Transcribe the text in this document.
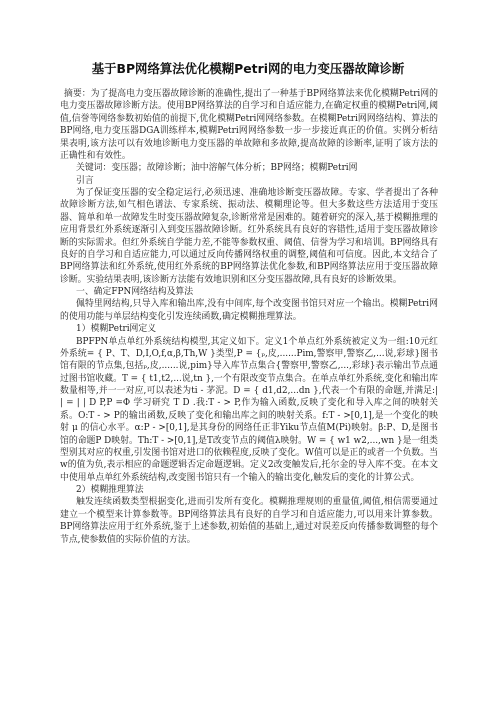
基于BP网络算法优化模糊Petri网的电力变压器故障诊断

摘要：为了提高电力变压器故障诊断的准确性,提出了一种基于BP网络算法来优化模糊Petri网的电力变压器故障诊断方法。使用BP网络算法的自学习和自适应能力,在确定权重的模糊Petri网,阈值,信誉等网络参数初始值的前提下,优化模糊Petri网网络参数。在模糊Petri网网络结构、算法的BP网络,电力变压器DGA训练样本,模糊Petri网网络参数一步一步接近真正的价值。实例分析结果表明,该方法可以有效地诊断电力变压器的单故障和多故障,提高故障的诊断率,证明了该方法的正确性和有效性。

关键词：变压器；故障诊断；油中溶解气体分析；BP网络；模糊Petri网

引言

为了保证变压器的安全稳定运行,必须迅速、准确地诊断变压器故障。专家、学者提出了各种故障诊断方法,如气相色谱法、专家系统、振动法、模糊理论等。但大多数这些方法适用于变压器、简单和单一故障发生时变压器故障复杂,诊断常常是困难的。随着研究的深入,基于模糊推理的应用背景红外系统逐渐引入到变压器故障诊断。红外系统具有良好的容错性,适用于变压器故障诊断的实际需求。但红外系统自学能力差,不能等参数权重、阈值、信誉为学习和培训。BP网络具有良好的自学习和自适应能力,可以通过反向传播网络权重的调整,阈值和可信度。因此,本文结合了BP网络算法和红外系统,使用红外系统的BP网络算法优化参数,和BP网络算法应用于变压器故障诊断。实验结果表明,该诊断方法能有效地识别和区分变压器故障,具有良好的诊断效果。

一、确定FPN网络结构及算法

佩特里网结构,只导入库和输出库,没有中间库,每个改变图书馆只对应一个输出。模糊Petri网的使用功能与单层结构变化引发连续函数,确定模糊推理算法。

1）模糊Petri网定义

BPFPN单点单红外系统结构模型,其定义如下。定义1个单点红外系统被定义为一组:10元红外系统= { P、T、D,I,O,f,α,β,Th,W }类型,P = {ₚ,皮,......Pim,警察甲,警察乙,...说,彩球}图书馆有限的节点集,包括ₚ,皮,......说,pim}导入库节点集合{警察甲,警察乙,...,彩球}表示输出节点通过图书馆收藏。T = { t1,t2,...说,tn },一个有限改变节点集合。在单点单红外系统,变化和输出库数量相等,并一一对应,可以表述为ti - 茅泥。D = { d1,d2,...dn },代表一个有限的命题,并满足:| | = | | D P,P =Φ 学习研究 T D .我:T - > P,作为输入函数,反映了变化和导入库之间的映射关系。O:T - > P的输出函数,反映了变化和输出库之间的映射关系。f:T - >[0,1],是一个变化的映射 μ 的信心水平。α:P - >[0,1],是其身份的网络任正非Yiku节点值M(Pi)映射。β:P、D,是图书馆的命题P D映射。Th:T - >[0,1],是T改变节点的阈值λ映射。W = { w1 w2,...,wn }是一组类型别其对应的权重,引发图书馆对进口的依赖程度,反映了变化。W值可以是正的或者一个负数。当w的值为负,表示相应的命题逻辑否定命题逻辑。定义2改变触发后,托尔金的导入库不变。在本文中使用单点单红外系统结构,改变图书馆只有一个输入的输出变化,触发后的变化的计算公式。

2）模糊推理算法

触发连续函数类型根据变化,进而引发所有变化。模糊推理规则的重量值,阈值,相信需要通过建立一个模型来计算参数等。BP网络算法具有良好的自学习和自适应能力,可以用来计算参数。BP网络算法应用于红外系统,鉴于上述参数,初始值的基础上,通过对误差反向传播参数调整的每个节点,使参数值的实际价值的方法。
